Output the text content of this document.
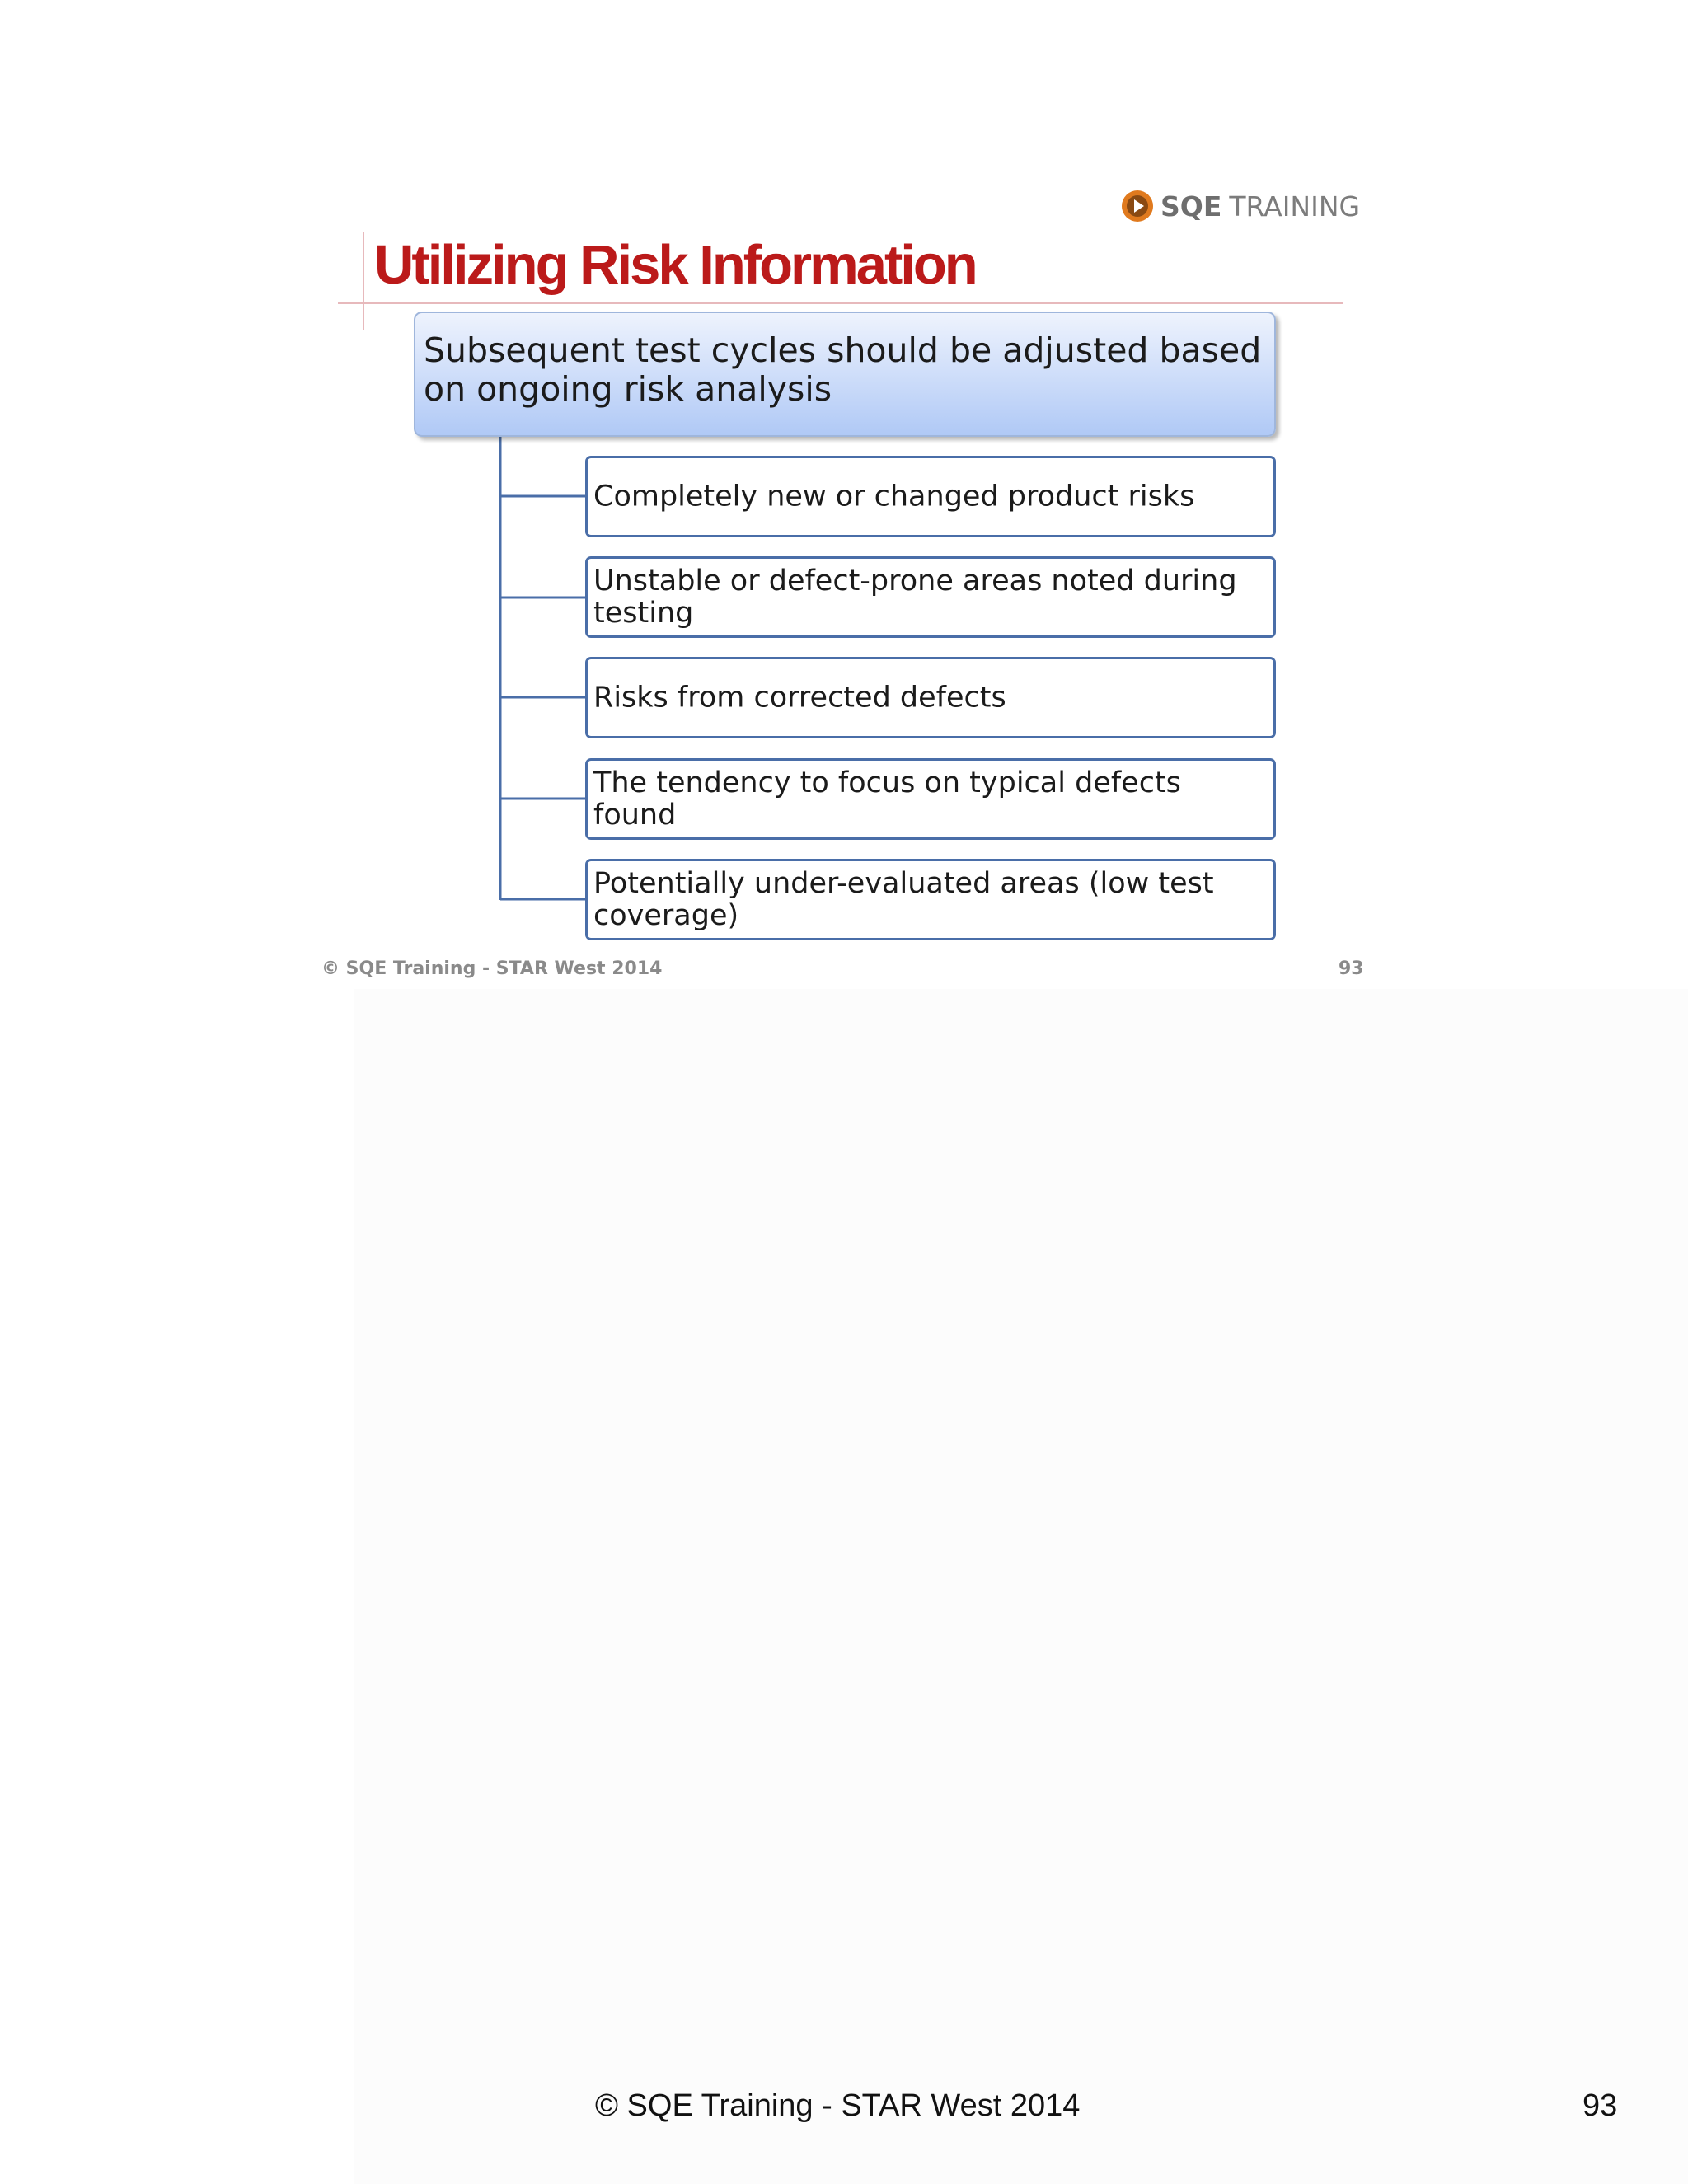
SQE TRAINING
Utilizing Risk Information
Subsequent test cycles should be adjusted based on ongoing risk analysis
Completely new or changed product risks
Unstable or defect-prone areas noted during testing
Risks from corrected defects
The tendency to focus on typical defects found
Potentially under-evaluated areas (low test coverage)
© SQE Training - STAR West 2014	93
© SQE Training - STAR West 2014	93
